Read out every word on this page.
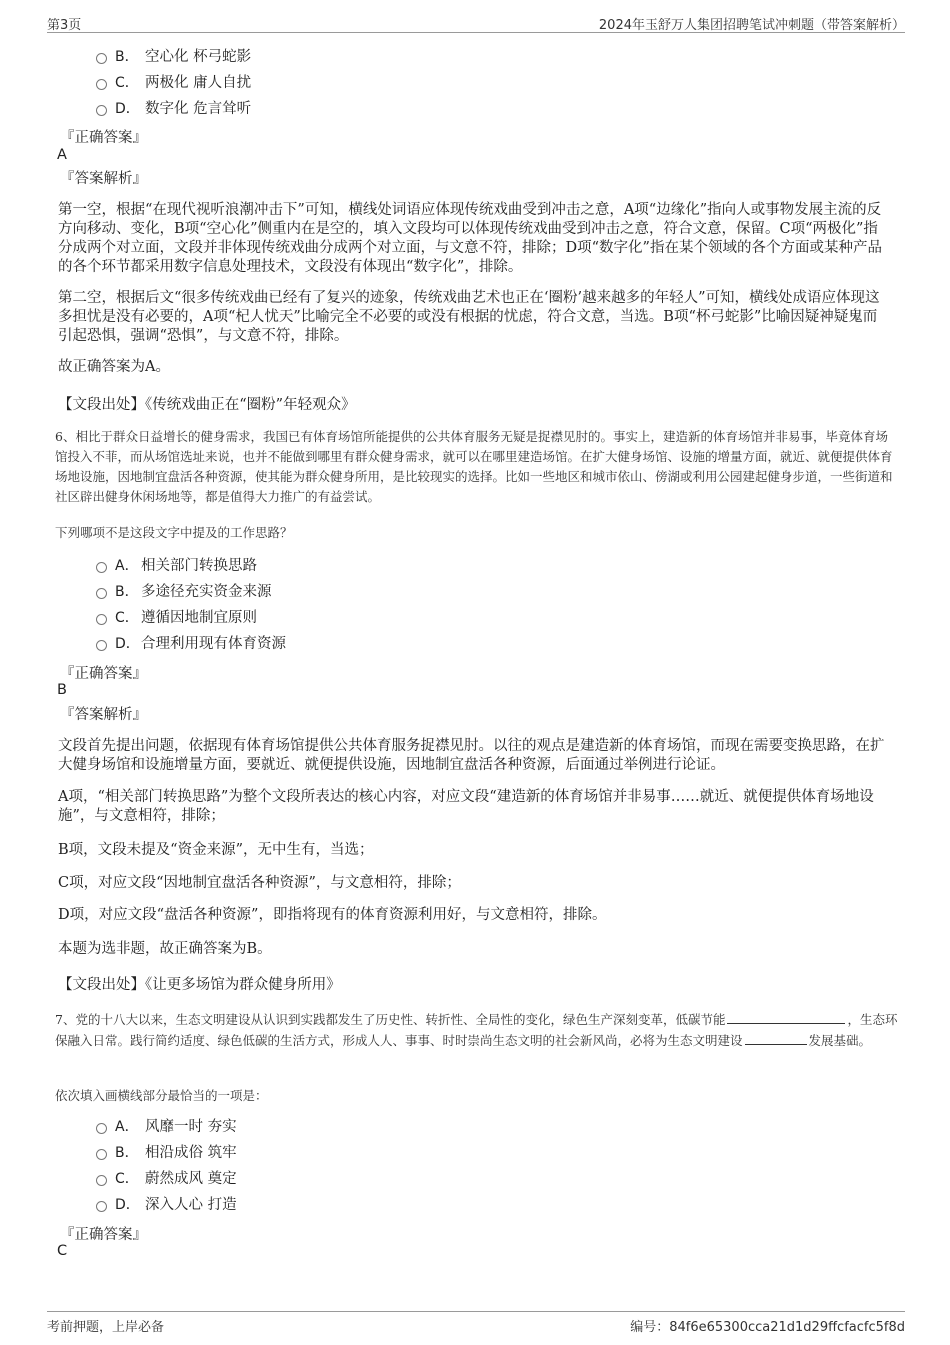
第3页	2024年玉舒万人集团招聘笔试冲刺题（带答案解析）
B． 空心化 杯弓蛇影
C． 两极化 庸人自扰
D． 数字化 危言耸听
『正确答案』
A
『答案解析』
第一空，根据“在现代视听浪潮冲击下”可知，横线处词语应体现传统戏曲受到冲击之意，A项“边缘化”指向人或事物发展主流的反方向移动、变化，B项“空心化”侧重内在是空的，填入文段均可以体现传统戏曲受到冲击之意，符合文意，保留。C项“两极化”指分成两个对立面，文段并非体现传统戏曲分成两个对立面，与文意不符，排除；D项“数字化”指在某个领域的各个方面或某种产品的各个环节都采用数字信息处理技术，文段没有体现出“数字化”，排除。
第二空，根据后文“很多传统戏曲已经有了复兴的迹象，传统戏曲艺术也正在‘圈粉’越来越多的年轻人”可知，横线处成语应体现这多担忧是没有必要的，A项“杞人忧天”比喻完全不必要的或没有根据的忧虑，符合文意，当选。B项“杯弓蛇影”比喻因疑神疑鬼而引起恐惧，强调“恐惧”，与文意不符，排除。
故正确答案为A。
【文段出处】《传统戏曲正在“圈粉”年轻观众》
6、相比于群众日益增长的健身需求，我国已有体育场馆所能提供的公共体育服务无疑是捉襟见肘的。事实上，建造新的体育场馆并非易事，毕竟体育场馆投入不菲，而从场馆选址来说，也并不能做到哪里有群众健身需求，就可以在哪里建造场馆。在扩大健身场馆、设施的增量方面，就近、就便提供体育场地设施，因地制宜盘活各种资源，使其能为群众健身所用，是比较现实的选择。比如一些地区和城市依山、傍湖或利用公园建起健身步道，一些街道和社区辟出健身休闲场地等，都是值得大力推广的有益尝试。
下列哪项不是这段文字中提及的工作思路？
A． 相关部门转换思路
B． 多途径充实资金来源
C． 遵循因地制宜原则
D．合理利用现有体育资源
『正确答案』
B
『答案解析』
文段首先提出问题，依据现有体育场馆提供公共体育服务捉襟见肘。以往的观点是建造新的体育场馆，而现在需要变换思路，在扩大健身场馆和设施增量方面，要就近、就便提供设施，因地制宜盘活各种资源，后面通过举例进行论证。
A项，“相关部门转换思路”为整个文段所表达的核心内容，对应文段“建造新的体育场馆并非易事……就近、就便提供体育场地设施”，与文意相符，排除；
B项，文段未提及“资金来源”，无中生有，当选；
C项，对应文段“因地制宜盘活各种资源”，与文意相符，排除；
D项，对应文段“盘活各种资源”，即指将现有的体育资源利用好，与文意相符，排除。
本题为选非题，故正确答案为B。
【文段出处】《让更多场馆为群众健身所用》
7、党的十八大以来，生态文明建设从认识到实践都发生了历史性、转折性、全局性的变化，绿色生产深刻变革，低碳节能	，生态环保融入日常。践行简约适度、绿色低碳的生活方式，形成人人、事事、时时崇尚生态文明的社会新风尚，必将为生态文明建设	发展基础。
依次填入画横线部分最恰当的一项是：
A． 风靡一时 夯实
B． 相沿成俗 筑牢
C． 蔚然成风 奠定
D． 深入人心 打造
『正确答案』
C
考前押题，上岸必备	编号：84f6e65300cca21d1d29ffcfacfc5f8d
